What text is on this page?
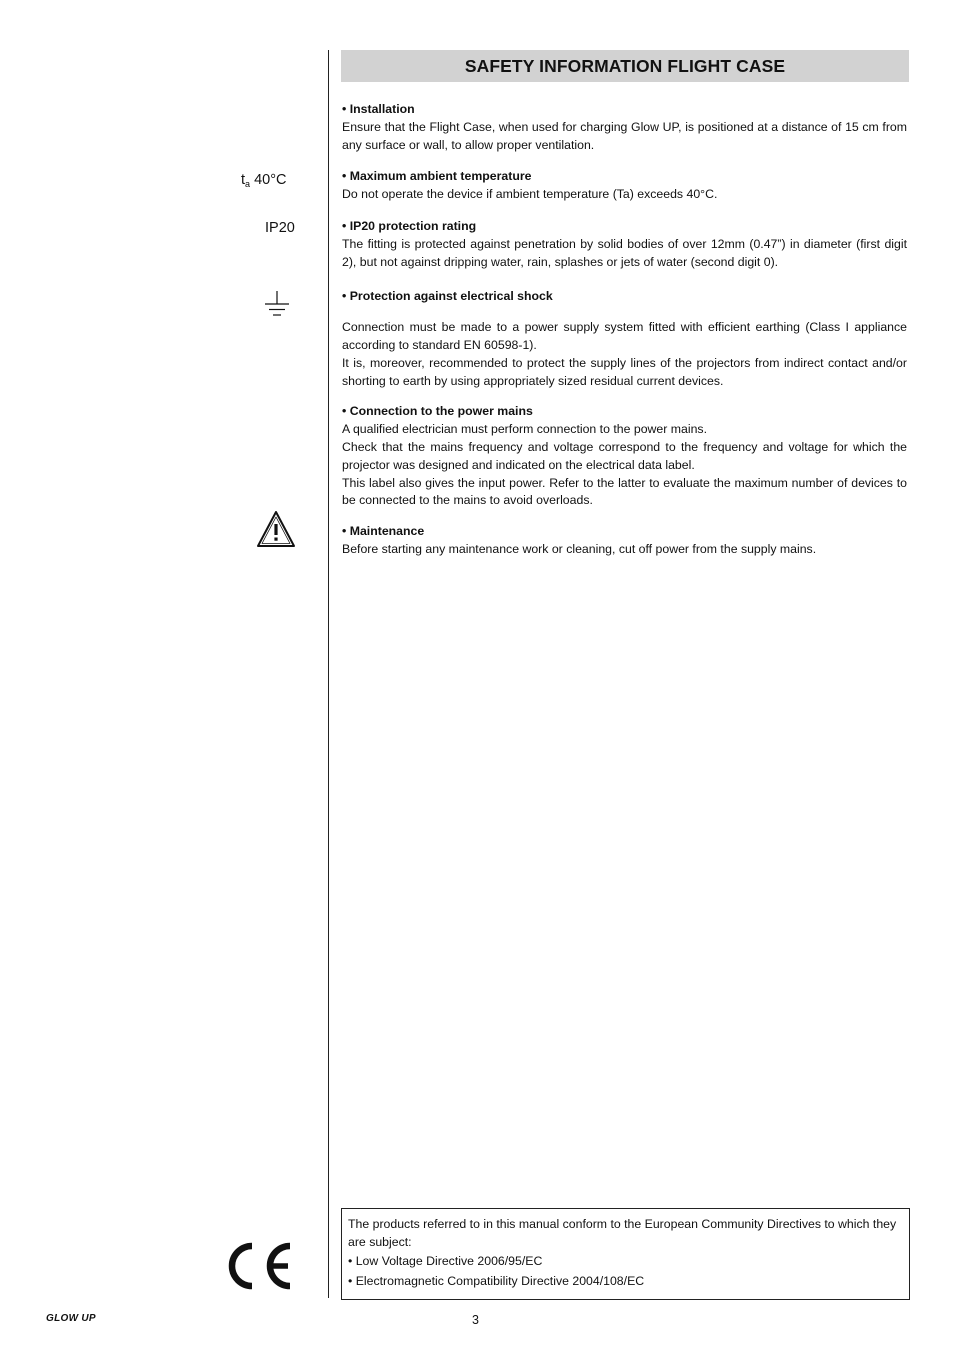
SAFETY INFORMATION FLIGHT CASE
$t_a$ 40°C
IP20
• Installation

Ensure that the Flight Case, when used for charging Glow UP, is positioned at a distance of 15 cm from any surface or wall, to allow proper ventilation.

• Maximum ambient temperature

Do not operate the device if ambient temperature (Ta) exceeds 40°C.

• IP20 protection rating

The fitting is protected against penetration by solid bodies of over 12mm (0.47”) in diameter (first digit 2), but not against dripping water, rain, splashes or jets of water (second digit 0).

• Protection against electrical shock

Connection must be made to a power supply system fitted with efficient earthing (Class I appliance according to standard EN 60598-1).

It is, moreover, recommended to protect the supply lines of the projectors from indirect contact and/or shorting to earth by using appropriately sized residual current devices.

• Connection to the power mains

A qualified electrician must perform connection to the power mains.

Check that the mains frequency and voltage correspond to the frequency and voltage for which the projector was designed and indicated on the electrical data label.

This label also gives the input power. Refer to the latter to evaluate the maximum number of devices to be connected to the mains to avoid overloads.

• Maintenance

Before starting any maintenance work or cleaning, cut off power from the supply mains.

The products referred to in this manual conform to the European Community Directives to which they are subject:

• Low Voltage Directive 2006/95/EC

• Electromagnetic Compatibility Directive 2004/108/EC

GLOW UP	3
